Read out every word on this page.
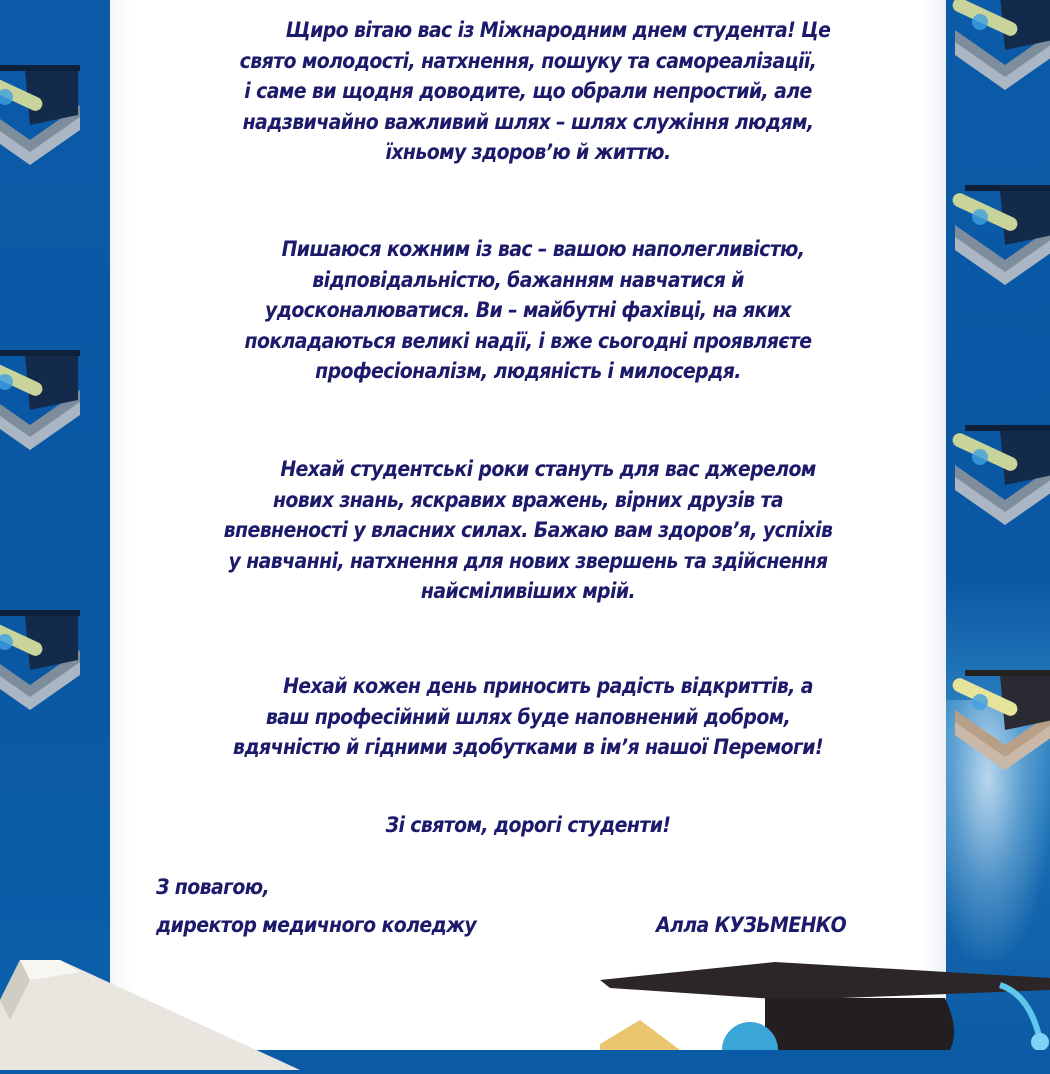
Щиро вітаю вас із Міжнародним днем студента! Це
свято молодості, натхнення, пошуку та самореалізації,
і саме ви щодня доводите, що обрали непростий, але
надзвичайно важливий шлях – шлях служіння людям,
їхньому здоров’ю й життю.
Пишаюся кожним із вас – вашою наполегливістю,
відповідальністю, бажанням навчатися й
удосконалюватися. Ви – майбутні фахівці, на яких
покладаються великі надії, і вже сьогодні проявляєте
професіоналізм, людяність і милосердя.
Нехай студентські роки стануть для вас джерелом
нових знань, яскравих вражень, вірних друзів та
впевненості у власних силах. Бажаю вам здоров’я, успіхів
у навчанні, натхнення для нових звершень та здійснення
найсміливіших мрій.
Нехай кожен день приносить радість відкриттів, а
ваш професійний шлях буде наповнений добром,
вдячністю й гідними здобутками в ім’я нашої Перемоги!
Зі святом, дорогі студенти!
З повагою,
директор медичного коледжу	Алла КУЗЬМЕНКО
